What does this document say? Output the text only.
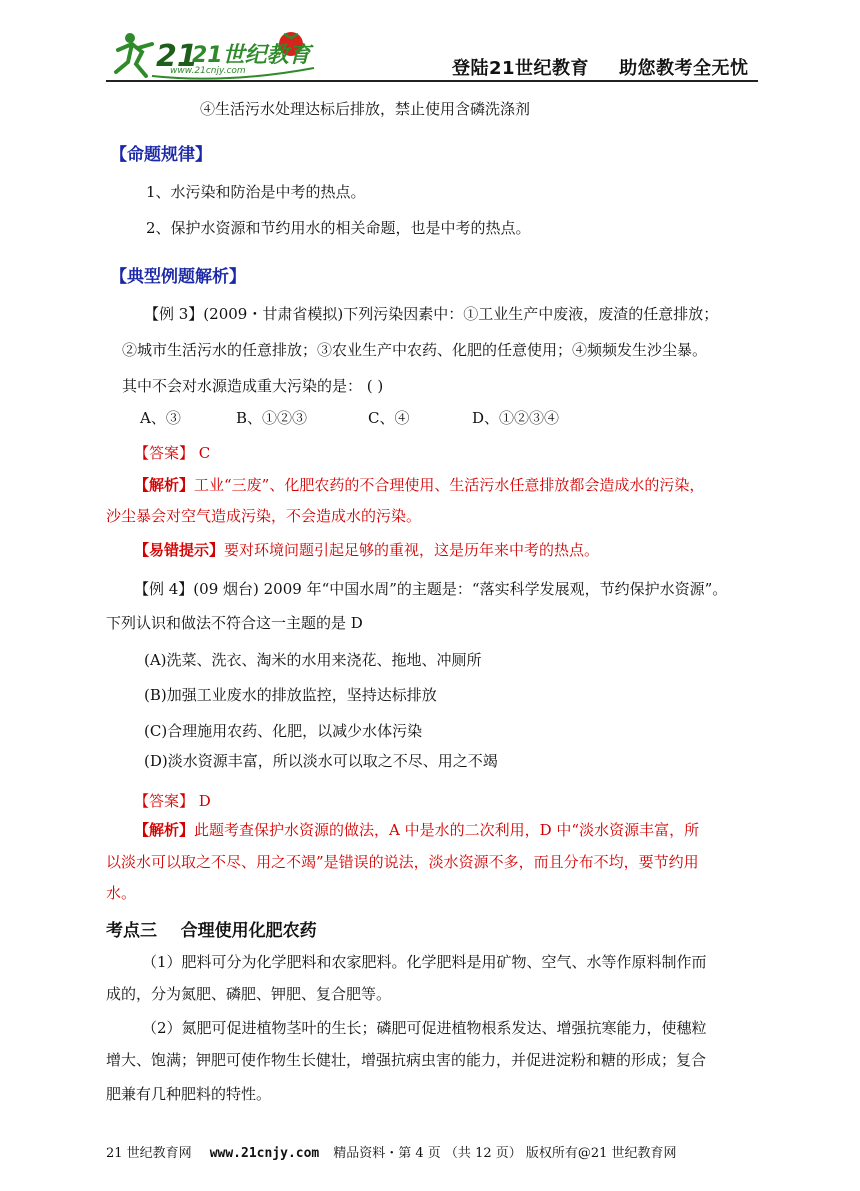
21
21世纪教育
www.21cnjy.com	登陆21世纪教育 助您教考全无忧
④生活污水处理达标后排放，禁止使用含磷洗涤剂
【命题规律】
1、水污染和防治是中考的热点。
2、保护水资源和节约用水的相关命题，也是中考的热点。
【典型例题解析】
【例 3】(2009・甘肃省模拟)下列污染因素中：①工业生产中废液，废渣的任意排放；
②城市生活污水的任意排放；③农业生产中农药、化肥的任意使用；④频频发生沙尘暴。
其中不会对水源造成重大污染的是： ( )
A、③	B、①②③	C、④	D、①②③④
【答案】 C
【解析】工业“三废”、化肥农药的不合理使用、生活污水任意排放都会造成水的污染，
沙尘暴会对空气造成污染，不会造成水的污染。
【易错提示】要对环境问题引起足够的重视，这是历年来中考的热点。
【例 4】(09 烟台) 2009 年“中国水周”的主题是：“落实科学发展观，节约保护水资源”。
下列认识和做法不符合这一主题的是 D
(A)洗菜、洗衣、淘米的水用来浇花、拖地、冲厕所
(B)加强工业废水的排放监控，坚持达标排放
(C)合理施用农药、化肥，以减少水体污染
(D)淡水资源丰富，所以淡水可以取之不尽、用之不竭
【答案】 D
【解析】此题考查保护水资源的做法，A 中是水的二次利用，D 中“淡水资源丰富，所
以淡水可以取之不尽、用之不竭”是错误的说法，淡水资源不多，而且分布不均，要节约用
水。
考点三    合理使用化肥农药
（1）肥料可分为化学肥料和农家肥料。化学肥料是用矿物、空气、水等作原料制作而
成的，分为氮肥、磷肥、钾肥、复合肥等。
（2）氮肥可促进植物茎叶的生长；磷肥可促进植物根系发达、增强抗寒能力，使穗粒
增大、饱满；钾肥可使作物生长健壮，增强抗病虫害的能力，并促进淀粉和糖的形成；复合
肥兼有几种肥料的特性。
21 世纪教育网 www.21cnjy.com 精品资料・第 4 页 （共 12 页） 版权所有@21 世纪教育网
